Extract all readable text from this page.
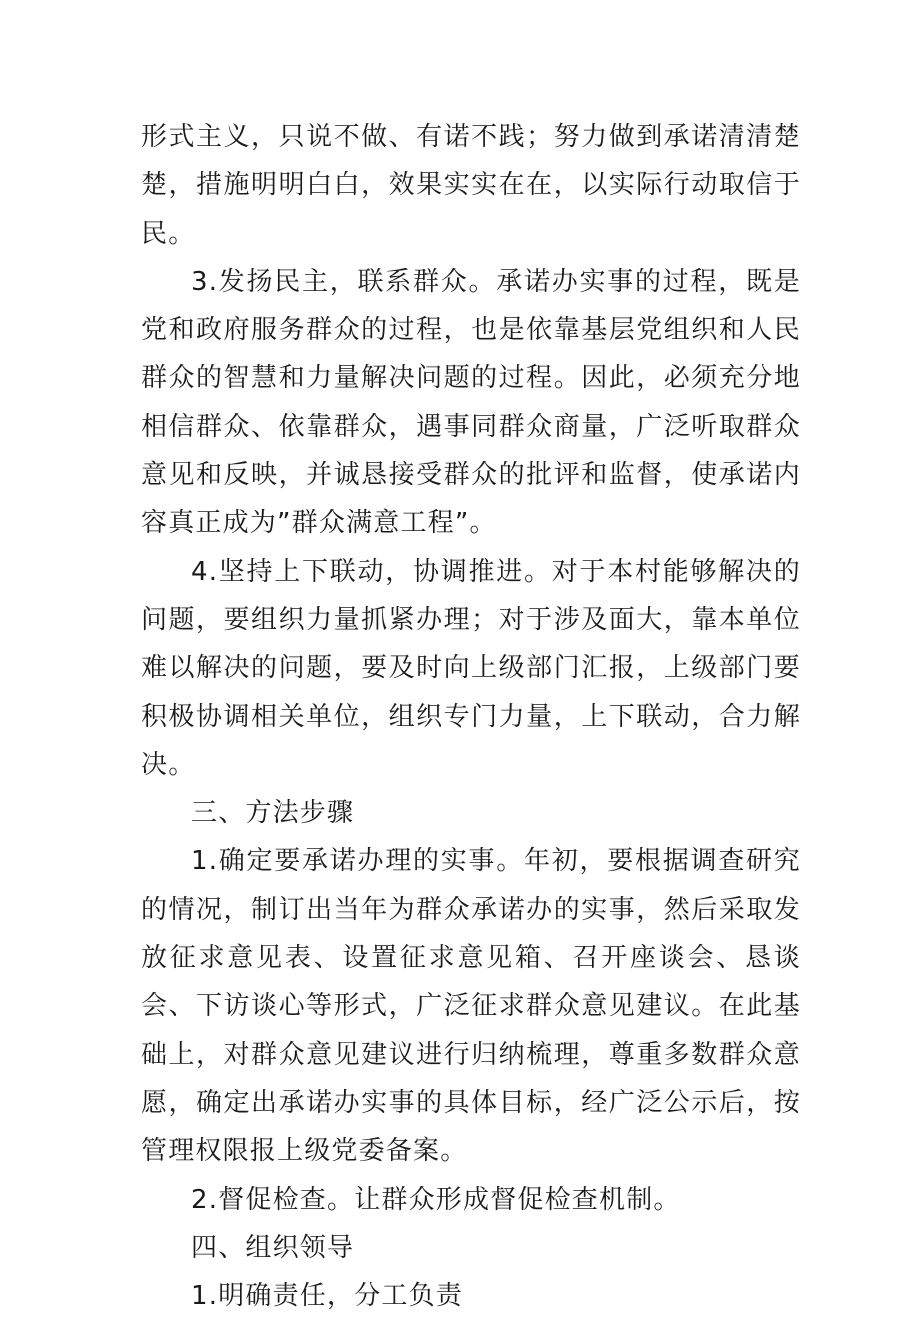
形式主义，只说不做、有诺不践；努力做到承诺清清楚楚，措施明明白白，效果实实在在，以实际行动取信于民。

3.发扬民主，联系群众。承诺办实事的过程，既是党和政府服务群众的过程，也是依靠基层党组织和人民群众的智慧和力量解决问题的过程。因此，必须充分地相信群众、依靠群众，遇事同群众商量，广泛听取群众意见和反映，并诚恳接受群众的批评和监督，使承诺内容真正成为”群众满意工程”。

4.坚持上下联动，协调推进。对于本村能够解决的问题，要组织力量抓紧办理；对于涉及面大，靠本单位难以解决的问题，要及时向上级部门汇报，上级部门要积极协调相关单位，组织专门力量，上下联动，合力解决。

三、方法步骤

1.确定要承诺办理的实事。年初，要根据调查研究的情况，制订出当年为群众承诺办的实事，然后采取发放征求意见表、设置征求意见箱、召开座谈会、恳谈会、下访谈心等形式，广泛征求群众意见建议。在此基础上，对群众意见建议进行归纳梳理，尊重多数群众意愿，确定出承诺办实事的具体目标，经广泛公示后，按管理权限报上级党委备案。

2.督促检查。让群众形成督促检查机制。

四、组织领导

1.明确责任，分工负责
